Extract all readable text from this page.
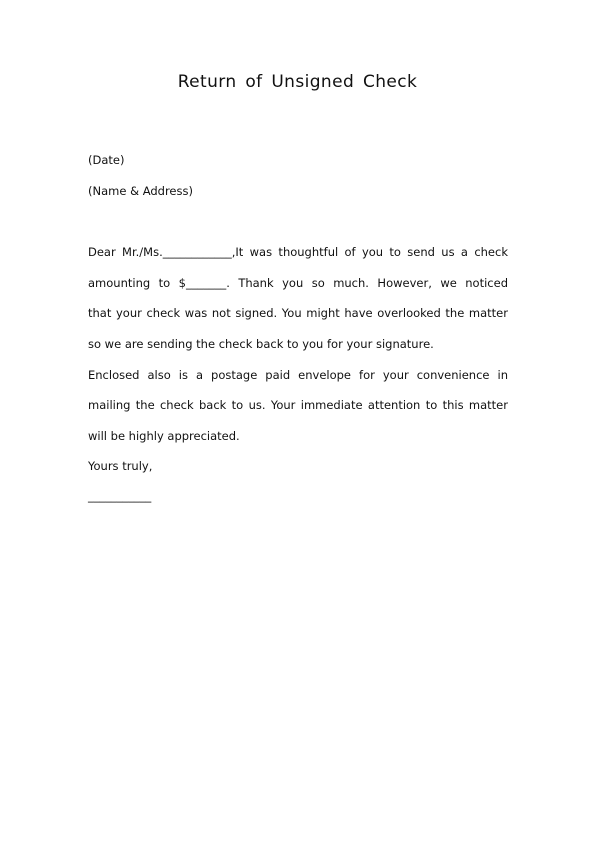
Return of Unsigned Check
(Date)
(Name & Address)
Dear Mr./Ms.____________,It was thoughtful of you to send us a check
amounting to $_______. Thank you so much. However, we noticed
that your check was not signed. You might have overlooked the matter
so we are sending the check back to you for your signature.
Enclosed also is a postage paid envelope for your convenience in
mailing the check back to us. Your immediate attention to this matter
will be highly appreciated.
Yours truly,
___________
